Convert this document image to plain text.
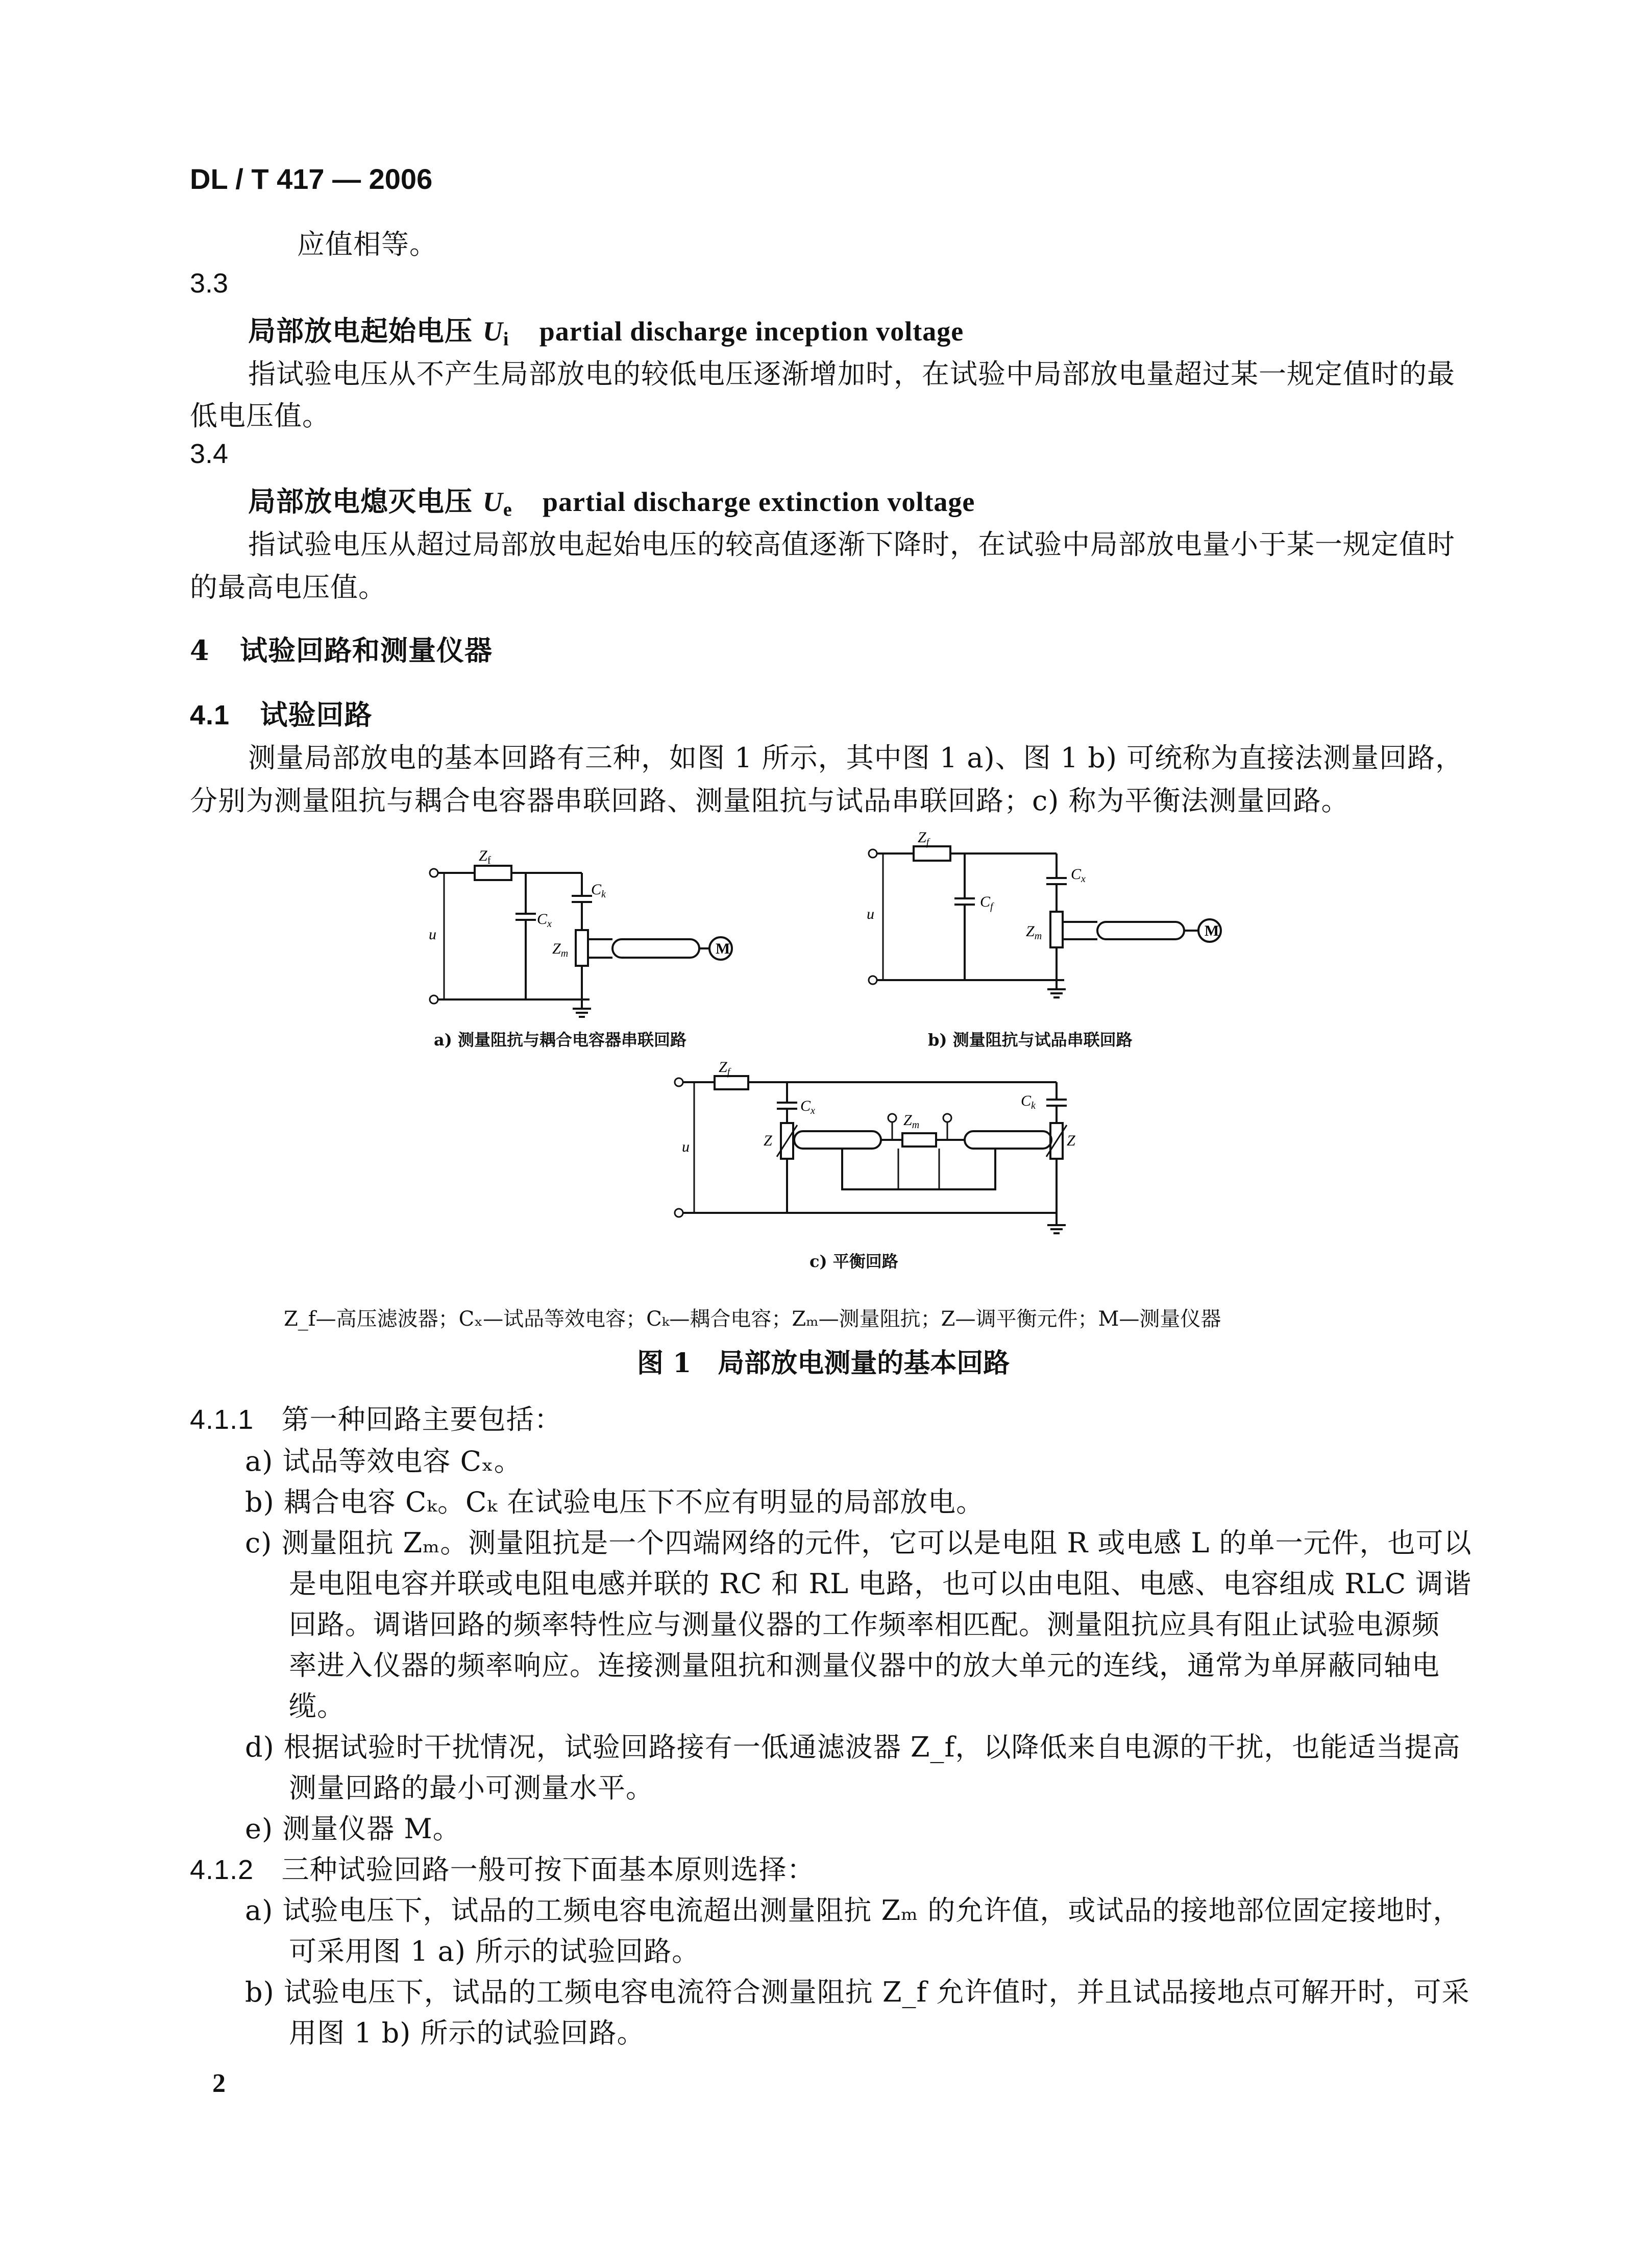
DL / T 417 — 2006
应值相等。
3.3
局部放电起始电压 $U_i$ partial discharge inception voltage
指试验电压从不产生局部放电的较低电压逐渐增加时，在试验中局部放电量超过某一规定值时的最
低电压值。
3.4
局部放电熄灭电压 $U_e$ partial discharge extinction voltage
指试验电压从超过局部放电起始电压的较高值逐渐下降时，在试验中局部放电量小于某一规定值时
的最高电压值。
4 试验回路和测量仪器
4.1 试验回路
测量局部放电的基本回路有三种，如图 1 所示，其中图 1 a)、图 1 b) 可统称为直接法测量回路，
分别为测量阻抗与耦合电容器串联回路、测量阻抗与试品串联回路；c) 称为平衡法测量回路。
$Z_f$
$C_x$
$C_k$
$Z_m$
u
M
a) 测量阻抗与耦合电容器串联回路
$Z_f$
$C_f$
$C_x$
$Z_m$
u
M
b) 测量阻抗与试品串联回路
$Z_f$
$C_x$
$C_k$
$Z_m$
Z	Z
u
c) 平衡回路
Z_f—高压滤波器；Cₓ—试品等效电容；Cₖ—耦合电容；Zₘ—测量阻抗；Z—调平衡元件；M—测量仪器
图 1　局部放电测量的基本回路
4.1.1 第一种回路主要包括：
a) 试品等效电容 Cₓ。
b) 耦合电容 Cₖ。Cₖ 在试验电压下不应有明显的局部放电。
c) 测量阻抗 Zₘ。测量阻抗是一个四端网络的元件，它可以是电阻 R 或电感 L 的单一元件，也可以
是电阻电容并联或电阻电感并联的 RC 和 RL 电路，也可以由电阻、电感、电容组成 RLC 调谐
回路。调谐回路的频率特性应与测量仪器的工作频率相匹配。测量阻抗应具有阻止试验电源频
率进入仪器的频率响应。连接测量阻抗和测量仪器中的放大单元的连线，通常为单屏蔽同轴电
缆。
d) 根据试验时干扰情况，试验回路接有一低通滤波器 Z_f，以降低来自电源的干扰，也能适当提高
测量回路的最小可测量水平。
e) 测量仪器 M。
4.1.2 三种试验回路一般可按下面基本原则选择：
a) 试验电压下，试品的工频电容电流超出测量阻抗 Zₘ 的允许值，或试品的接地部位固定接地时，
可采用图 1 a) 所示的试验回路。
b) 试验电压下，试品的工频电容电流符合测量阻抗 Z_f 允许值时，并且试品接地点可解开时，可采
用图 1 b) 所示的试验回路。
2
